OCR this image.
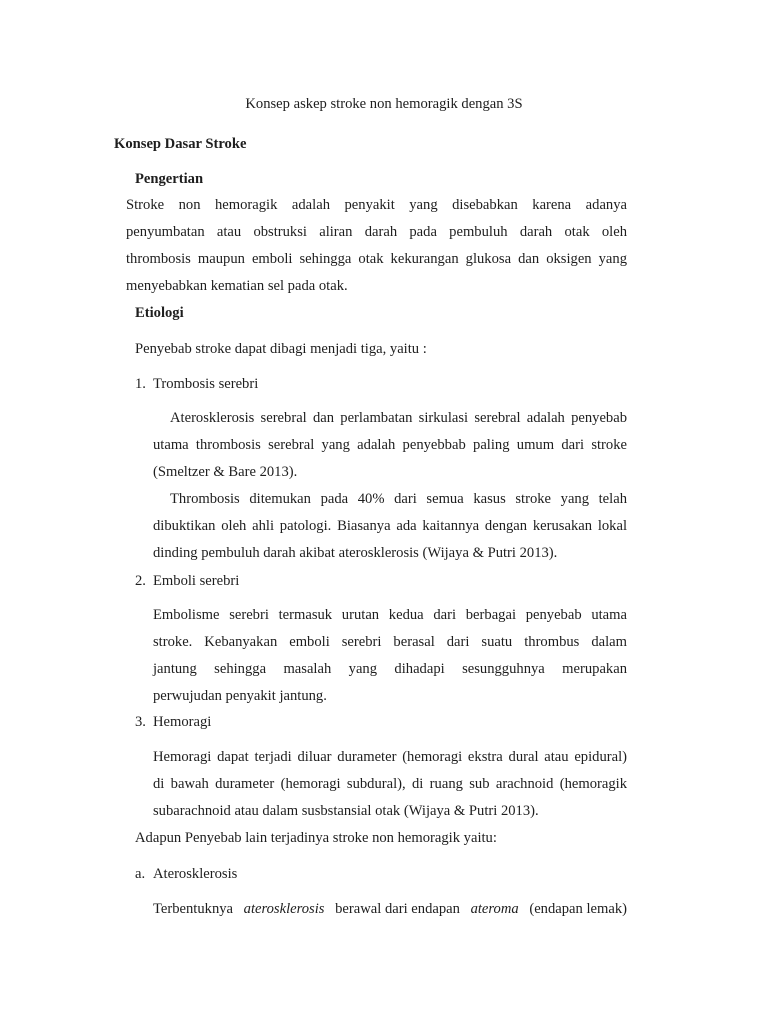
Konsep askep stroke non hemoragik dengan 3S
Konsep Dasar Stroke
Pengertian
Stroke non hemoragik adalah penyakit yang disebabkan karena adanya
penyumbatan atau obstruksi aliran darah pada pembuluh darah otak oleh
thrombosis maupun emboli sehingga otak kekurangan glukosa dan oksigen yang
menyebabkan kematian sel pada otak.
Etiologi
Penyebab stroke dapat dibagi menjadi tiga, yaitu :
1. Trombosis serebri
Aterosklerosis serebral dan perlambatan sirkulasi serebral adalah penyebab
utama thrombosis serebral yang adalah penyebbab paling umum dari stroke
(Smeltzer & Bare 2013).
Thrombosis ditemukan pada 40% dari semua kasus stroke yang telah
dibuktikan oleh ahli patologi. Biasanya ada kaitannya dengan kerusakan lokal
dinding pembuluh darah akibat aterosklerosis (Wijaya & Putri 2013).
2. Emboli serebri
Embolisme serebri termasuk urutan kedua dari berbagai penyebab utama
stroke. Kebanyakan emboli serebri berasal dari suatu thrombus dalam
jantung sehingga masalah yang dihadapi sesungguhnya merupakan
perwujudan penyakit jantung.
3. Hemoragi
Hemoragi dapat terjadi diluar durameter (hemoragi ekstra dural atau epidural)
di bawah durameter (hemoragi subdural), di ruang sub arachnoid (hemoragik
subarachnoid atau dalam susbstansial otak (Wijaya & Putri 2013).
Adapun Penyebab lain terjadinya stroke non hemoragik yaitu:
a. Aterosklerosis
Terbentuknya aterosklerosis berawal dari endapan ateroma (endapan lemak)
